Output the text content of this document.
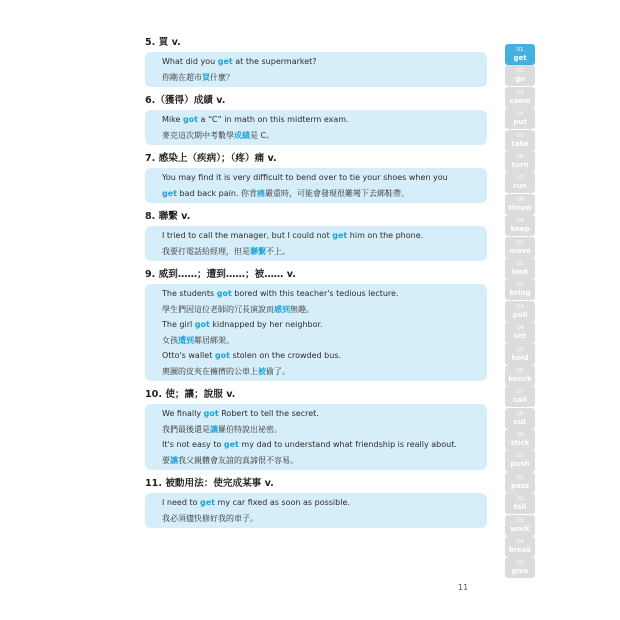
5. 買 v.
What did you get at the supermarket?
你剛在超市買什麼？
6.（獲得）成績 v.
Mike got a “C” in math on this midterm exam.
麥克這次期中考數學成績是 C。
7. 感染上（疾病）；（疼）痛 v.
You may find it is very difficult to bend over to tie your shoes when you
get bad back pain. 你背痛嚴重時，可能會發現很難彎下去綁鞋帶。
8. 聯繫 v.
I tried to call the manager, but I could not get him on the phone.
我要打電話給經理，但是聯繫不上。
9. 威到……；遭到……；被…… v.
The students got bored with this teacher's tedious lecture.
學生們因這位老師的冗長演說而感到無趣。
The girl got kidnapped by her neighbor.
女孩遭到鄰居綁架。
Otto's wallet got stolen on the crowded bus.
奧圖的皮夾在擁擠的公車上被偷了。
10. 使；讓；說服 v.
We finally got Robert to tell the secret.
我們最後還是讓羅伯特說出祕密。
It's not easy to get my dad to understand what friendship is really about.
要讓我父親體會友誼的真諦很不容易。
11. 被動用法：使完成某事 v.
I need to get my car fixed as soon as possible.
我必須儘快修好我的車子。
11
01
get
02
go
03
come
04
put
05
take
06
turn
07
run
08
throw
09
keep
10
move
11
look
12
bring
13
pull
14
set
15
hold
16
knock
17
call
18
cut
19
stick
20
push
21
pass
22
fall
23
work
24
break
25
give
